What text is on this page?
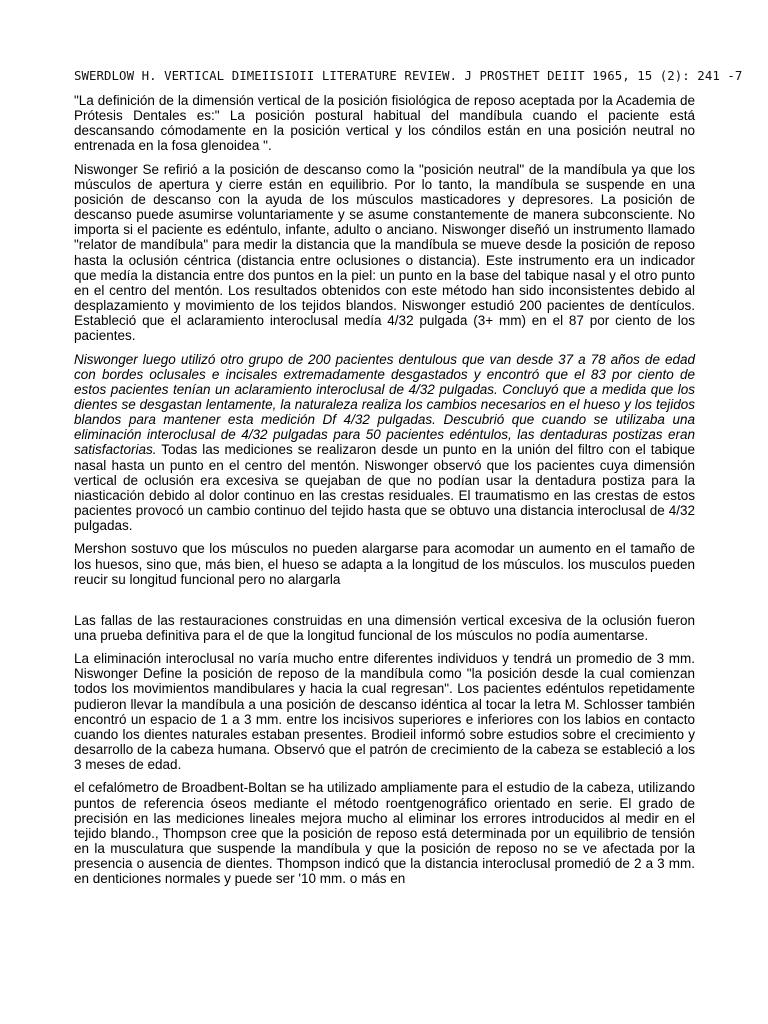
SWERDLOW H. VERTICAL DIMEIISIOII LITERATURE REVIEW. J PROSTHET DEIIT 1965, 15 (2): 241 -7

"La definición de la dimensión vertical de la posición fisiológica de reposo aceptada por la Academia de Prótesis Dentales es:" La posición postural habitual del mandíbula cuando el paciente está descansando cómodamente en la posición vertical y los cóndilos están en una posición neutral no entrenada en la fosa glenoidea ".

Niswonger Se refirió a la posición de descanso como la "posición neutral" de la mandíbula ya que los músculos de apertura y cierre están en equilibrio. Por lo tanto, la mandíbula se suspende en una posición de descanso con la ayuda de los músculos masticadores y depresores. La posición de descanso puede asumirse voluntariamente y se asume constantemente de manera subconsciente. No importa si el paciente es edéntulo, infante, adulto o anciano. Niswonger diseñó un instrumento llamado "relator de mandíbula" para medir la distancia que la mandíbula se mueve desde la posición de reposo hasta la oclusión céntrica (distancia entre oclusiones o distancia). Este instrumento era un indicador que medía la distancia entre dos puntos en la piel: un punto en la base del tabique nasal y el otro punto en el centro del mentón. Los resultados obtenidos con este método han sido inconsistentes debido al desplazamiento y movimiento de los tejidos blandos. Niswonger estudió 200 pacientes de dentículos. Estableció que el aclaramiento interoclusal medía 4/32 pulgada (3+ mm) en el 87 por ciento de los pacientes.

Niswonger luego utilizó otro grupo de 200 pacientes dentulous que van desde 37 a 78 años de edad con bordes oclusales e incisales extremadamente desgastados y encontró que el 83 por ciento de estos pacientes tenían un aclaramiento interoclusal de 4/32 pulgadas. Concluyó que a medida que los dientes se desgastan lentamente, la naturaleza realiza los cambios necesarios en el hueso y los tejidos blandos para mantener esta medición Df 4/32 pulgadas. Descubrió que cuando se utilizaba una eliminación interoclusal de 4/32 pulgadas para 50 pacientes edéntulos, las dentaduras postizas eran satisfactorias. Todas las mediciones se realizaron desde un punto en la unión del filtro con el tabique nasal hasta un punto en el centro del mentón. Niswonger observó que los pacientes cuya dimensión vertical de oclusión era excesiva se quejaban de que no podían usar la dentadura postiza para la niasticación debido al dolor continuo en las crestas residuales. El traumatismo en las crestas de estos pacientes provocó un cambio continuo del tejido hasta que se obtuvo una distancia interoclusal de 4/32 pulgadas.

Mershon sostuvo que los músculos no pueden alargarse para acomodar un aumento en el tamaño de los huesos, sino que, más bien, el hueso se adapta a la longitud de los músculos. los musculos pueden reucir su longitud funcional pero no alargarla

Las fallas de las restauraciones construidas en una dimensión vertical excesiva de la oclusión fueron una prueba definitiva para el de que la longitud funcional de los músculos no podía aumentarse.

La eliminación interoclusal no varía mucho entre diferentes individuos y tendrá un promedio de 3 mm. Niswonger Define la posición de reposo de la mandíbula como "la posición desde la cual comienzan todos los movimientos mandibulares y hacia la cual regresan". Los pacientes edéntulos repetidamente pudieron llevar la mandíbula a una posición de descanso idéntica al tocar la letra M. Schlosser también encontró un espacio de 1 a 3 mm. entre los incisivos superiores e inferiores con los labios en contacto cuando los dientes naturales estaban presentes. Brodieil informó sobre estudios sobre el crecimiento y desarrollo de la cabeza humana. Observó que el patrón de crecimiento de la cabeza se estableció a los 3 meses de edad.

el cefalómetro de Broadbent-Boltan se ha utilizado ampliamente para el estudio de la cabeza, utilizando puntos de referencia óseos mediante el método roentgenográfico orientado en serie. El grado de precisión en las mediciones lineales mejora mucho al eliminar los errores introducidos al medir en el tejido blando., Thompson cree que la posición de reposo está determinada por un equilibrio de tensión en la musculatura que suspende la mandíbula y que la posición de reposo no se ve afectada por la presencia o ausencia de dientes. Thompson indicó que la distancia interoclusal promedió de 2 a 3 mm. en denticiones normales y puede ser '10 mm. o más en
